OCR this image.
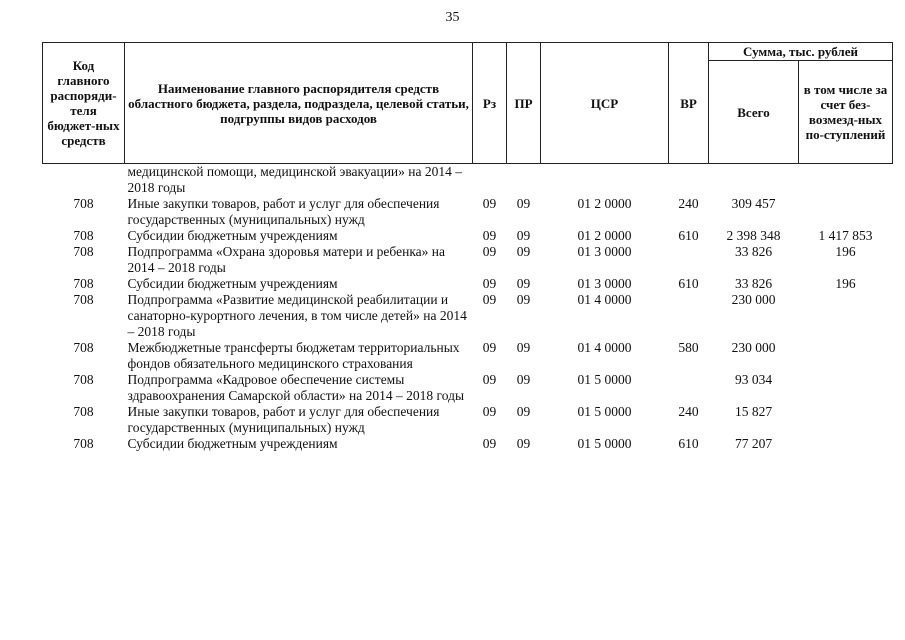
35
Код главного распоряди-теля бюджет-ных средств	Наименование главного распорядителя средств областного бюджета, раздела, подраздела, целевой статьи, подгруппы видов расходов	Рз	ПР	ЦСР	ВР	Сумма, тыс. рублей	
						Всего	в том числе за счет без-возмезд-ных по-ступлений
	медицинской помощи, медицинской эвакуации» на 2014 – 2018 годы						
708	Иные закупки товаров, работ и услуг для обеспечения государственных (муниципальных) нужд	09	09	01 2 0000	240	309 457	
708	Субсидии бюджетным учреждениям	09	09	01 2 0000	610	2 398 348	1 417 853
708	Подпрограмма «Охрана здоровья матери и ребенка» на 2014 – 2018 годы	09	09	01 3 0000		33 826	196
708	Субсидии бюджетным учреждениям	09	09	01 3 0000	610	33 826	196
708	Подпрограмма «Развитие медицинской реабилитации и санаторно-курортного лечения, в том числе детей» на 2014 – 2018 годы	09	09	01 4 0000		230 000	
708	Межбюджетные трансферты бюджетам территориальных фондов обязательного медицинского страхования	09	09	01 4 0000	580	230 000	
708	Подпрограмма «Кадровое обеспечение системы здравоохранения Самарской области» на 2014 – 2018 годы	09	09	01 5 0000		93 034	
708	Иные закупки товаров, работ и услуг для обеспечения государственных (муниципальных) нужд	09	09	01 5 0000	240	15 827	
708	Субсидии бюджетным учреждениям	09	09	01 5 0000	610	77 207	
